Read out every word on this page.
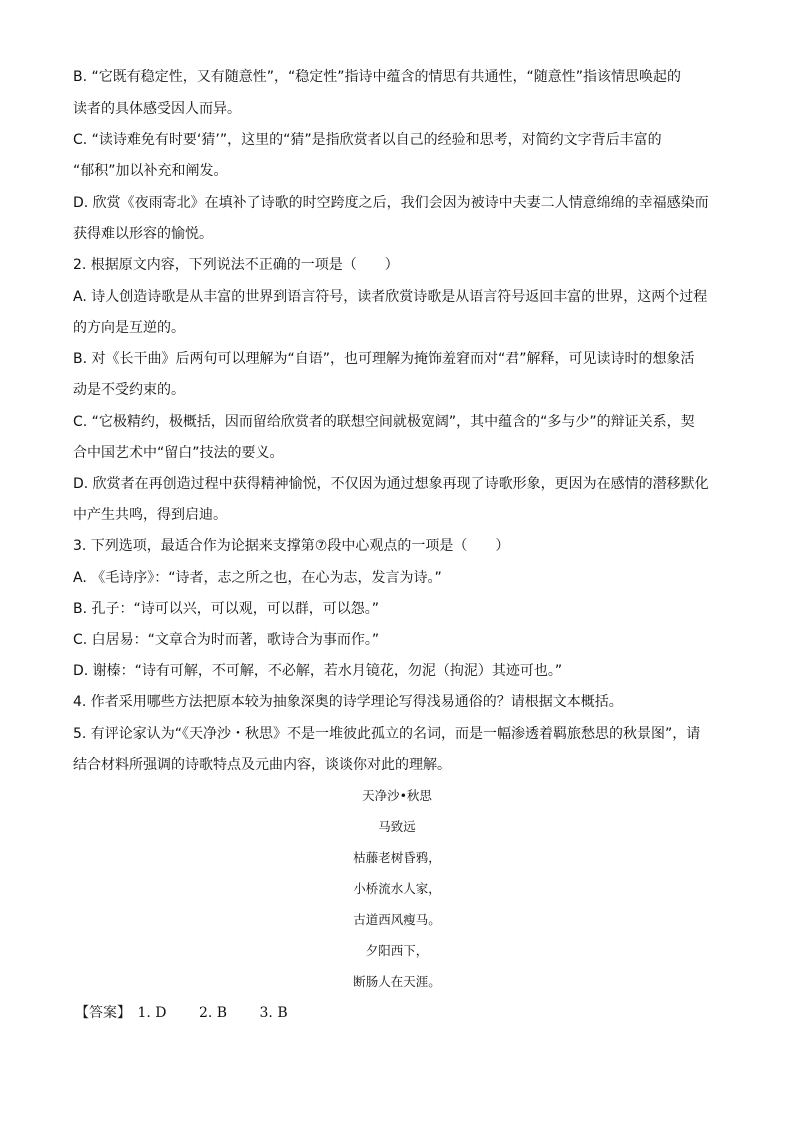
B. “它既有稳定性，又有随意性”，“稳定性”指诗中蕴含的情思有共通性，“随意性”指该情思唤起的
读者的具体感受因人而异。
C. “读诗难免有时要‘猜’”，这里的“猜”是指欣赏者以自己的经验和思考，对简约文字背后丰富的
“郁积”加以补充和阐发。
D. 欣赏《夜雨寄北》在填补了诗歌的时空跨度之后，我们会因为被诗中夫妻二人情意绵绵的幸福感染而
获得难以形容的愉悦。
2. 根据原文内容，下列说法不正确的一项是（　　）
A. 诗人创造诗歌是从丰富的世界到语言符号，读者欣赏诗歌是从语言符号返回丰富的世界，这两个过程
的方向是互逆的。
B. 对《长干曲》后两句可以理解为“自语”，也可理解为掩饰羞窘而对“君”解释，可见读诗时的想象活
动是不受约束的。
C. “它极精约，极概括，因而留给欣赏者的联想空间就极宽阔”，其中蕴含的“多与少”的辩证关系，契
合中国艺术中“留白”技法的要义。
D. 欣赏者在再创造过程中获得精神愉悦，不仅因为通过想象再现了诗歌形象，更因为在感情的潜移默化
中产生共鸣，得到启迪。
3. 下列选项，最适合作为论据来支撑第⑦段中心观点的一项是（　　）
A. 《毛诗序》：“诗者，志之所之也，在心为志，发言为诗。”
B. 孔子：“诗可以兴，可以观，可以群，可以怨。”
C. 白居易：“文章合为时而著，歌诗合为事而作。”
D. 谢榛：“诗有可解，不可解，不必解，若水月镜花，勿泥（拘泥）其迹可也。”
4. 作者采用哪些方法把原本较为抽象深奥的诗学理论写得浅易通俗的？请根据文本概括。
5. 有评论家认为“《天净沙・秋思》不是一堆彼此孤立的名词，而是一幅渗透着羁旅愁思的秋景图”，请
结合材料所强调的诗歌特点及元曲内容，谈谈你对此的理解。
天净沙•秋思
马致远
枯藤老树昏鸦，
小桥流水人家，
古道西风瘦马。
夕阳西下，
断肠人在天涯。
【答案】 1. D 2. B 3. B
